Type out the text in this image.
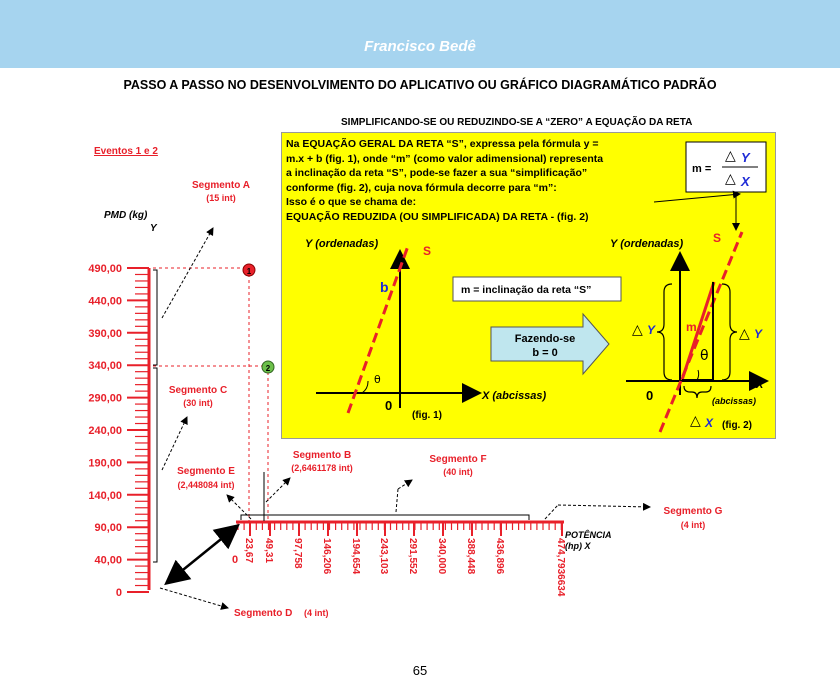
Francisco Bedê
PASSO A PASSO NO DESENVOLVIMENTO DO APLICATIVO OU GRÁFICO DIAGRAMÁTICO PADRÃO
SIMPLIFICANDO-SE OU REDUZINDO-SE A “ZERO” A EQUAÇÃO DA RETA
Eventos 1 e 2
Na EQUAÇÃO GERAL DA RETA “S”, expressa pela fórmula y =
m.x + b (fig. 1), onde “m” (como valor adimensional) representa
a inclinação da reta “S”, pode-se fazer a sua “simplificação”
conforme (fig. 2), cuja nova fórmula decorre para “m”:
Isso é o que se chama de:
EQUAÇÃO REDUZIDA (OU SIMPLIFICADA) DA RETA - (fig. 2)
m =
△ Y
△ X
Y (ordenadas)	S
b
θ
0
(fig. 1)
X (abcissas)
m = inclinação da reta “S”
Fazendo-se
b = 0
Y (ordenadas) S
m
θ
△ Y	△ Y
△ X (fig. 2)
0
X
(abcissas)
PMD (kg)
Y
490,00
440,00
390,00
340,00
290,00
240,00
190,00
140,00
90,00
40,00
0
23,67 49,31 97,758 146,206 194,654 243,103 291,552 340,000 388,448 436,896	474,7936634
0
POTÊNCIA
(hp) X
1
2
Segmento A
(15 int)
Segmento C
(30 int)
Segmento E
(2,448084 int)
Segmento B
(2,6461178 int)
Segmento F
(40 int)
Segmento G
(4 int)
Segmento D (4 int)
65
